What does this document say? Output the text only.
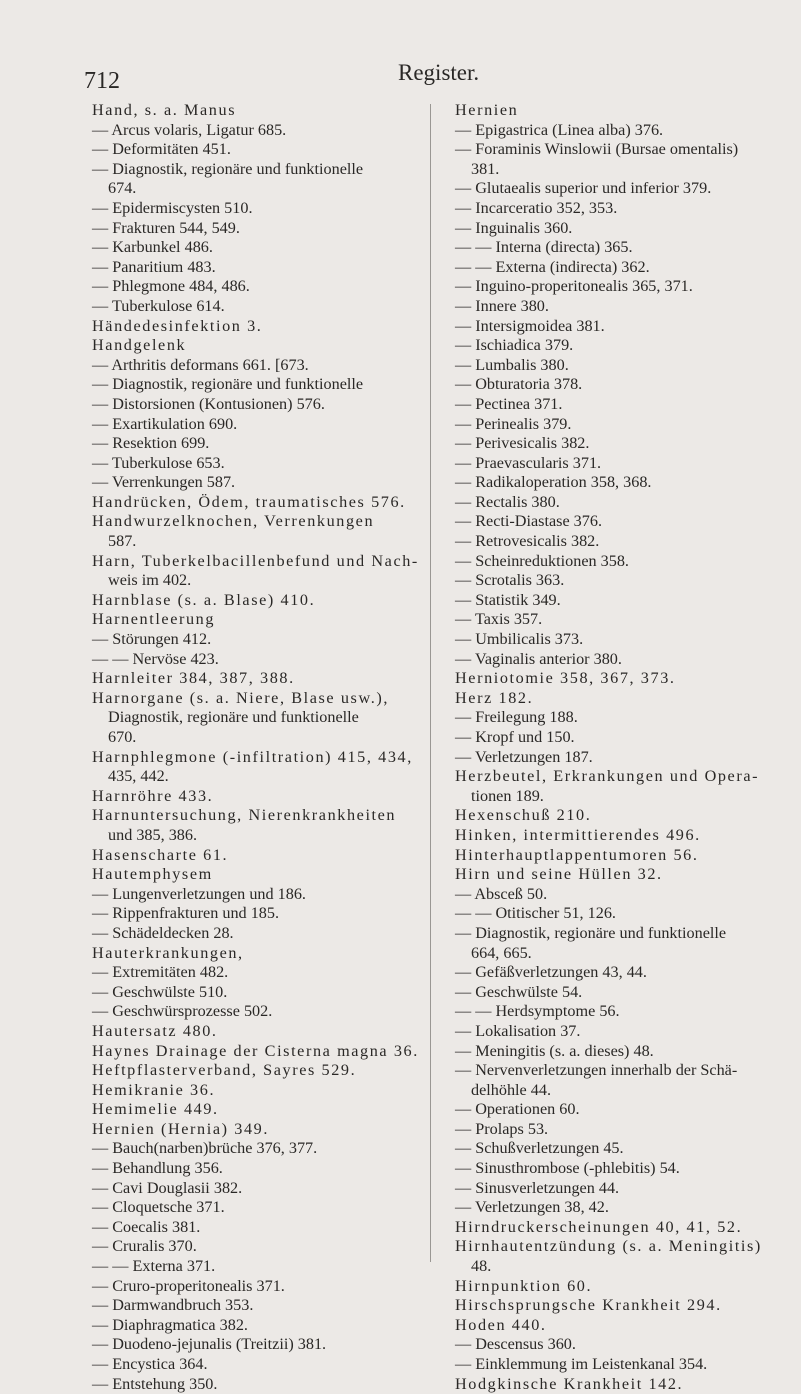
712	Register.
Hand, s. a. Manus
— Arcus volaris, Ligatur 685.
— Deformitäten 451.
— Diagnostik, regionäre und funktionelle
674.
— Epidermiscysten 510.
— Frakturen 544, 549.
— Karbunkel 486.
— Panaritium 483.
— Phlegmone 484, 486.
— Tuberkulose 614.
Händedesinfektion 3.
Handgelenk
— Arthritis deformans 661. [673.
— Diagnostik, regionäre und funktionelle
— Distorsionen (Kontusionen) 576.
— Exartikulation 690.
— Resektion 699.
— Tuberkulose 653.
— Verrenkungen 587.
Handrücken, Ödem, traumatisches 576.
Handwurzelknochen, Verrenkungen
587.
Harn, Tuberkelbacillenbefund und Nach-
weis im 402.
Harnblase (s. a. Blase) 410.
Harnentleerung
— Störungen 412.
— — Nervöse 423.
Harnleiter 384, 387, 388.
Harnorgane (s. a. Niere, Blase usw.),
Diagnostik, regionäre und funktionelle
670.
Harnphlegmone (-infiltration) 415, 434,
435, 442.
Harnröhre 433.
Harnuntersuchung, Nierenkrankheiten
und 385, 386.
Hasenscharte 61.
Hautemphysem
— Lungenverletzungen und 186.
— Rippenfrakturen und 185.
— Schädeldecken 28.
Hauterkrankungen,
— Extremitäten 482.
— Geschwülste 510.
— Geschwürsprozesse 502.
Hautersatz 480.
Haynes Drainage der Cisterna magna 36.
Heftpflasterverband, Sayres 529.
Hemikranie 36.
Hemimelie 449.
Hernien (Hernia) 349.
— Bauch(narben)brüche 376, 377.
— Behandlung 356.
— Cavi Douglasii 382.
— Cloquetsche 371.
— Coecalis 381.
— Cruralis 370.
— — Externa 371.
— Cruro-properitonealis 371.
— Darmwandbruch 353.
— Diaphragmatica 382.
— Duodeno-jejunalis (Treitzii) 381.
— Encystica 364.
— Entstehung 350.
Hernien
— Epigastrica (Linea alba) 376.
— Foraminis Winslowii (Bursae omentalis)
381.
— Glutaealis superior und inferior 379.
— Incarceratio 352, 353.
— Inguinalis 360.
— — Interna (directa) 365.
— — Externa (indirecta) 362.
— Inguino-properitonealis 365, 371.
— Innere 380.
— Intersigmoidea 381.
— Ischiadica 379.
— Lumbalis 380.
— Obturatoria 378.
— Pectinea 371.
— Perinealis 379.
— Perivesicalis 382.
— Praevascularis 371.
— Radikaloperation 358, 368.
— Rectalis 380.
— Recti-Diastase 376.
— Retrovesicalis 382.
— Scheinreduktionen 358.
— Scrotalis 363.
— Statistik 349.
— Taxis 357.
— Umbilicalis 373.
— Vaginalis anterior 380.
Herniotomie 358, 367, 373.
Herz 182.
— Freilegung 188.
— Kropf und 150.
— Verletzungen 187.
Herzbeutel, Erkrankungen und Opera-
tionen 189.
Hexenschuß 210.
Hinken, intermittierendes 496.
Hinterhauptlappentumoren 56.
Hirn und seine Hüllen 32.
— Absceß 50.
— — Otitischer 51, 126.
— Diagnostik, regionäre und funktionelle
664, 665.
— Gefäßverletzungen 43, 44.
— Geschwülste 54.
— — Herdsymptome 56.
— Lokalisation 37.
— Meningitis (s. a. dieses) 48.
— Nervenverletzungen innerhalb der Schä-
delhöhle 44.
— Operationen 60.
— Prolaps 53.
— Schußverletzungen 45.
— Sinusthrombose (-phlebitis) 54.
— Sinusverletzungen 44.
— Verletzungen 38, 42.
Hirndruckerscheinungen 40, 41, 52.
Hirnhautentzündung (s. a. Meningitis)
48.
Hirnpunktion 60.
Hirschsprungsche Krankheit 294.
Hoden 440.
— Descensus 360.
— Einklemmung im Leistenkanal 354.
Hodgkinsche Krankheit 142.
